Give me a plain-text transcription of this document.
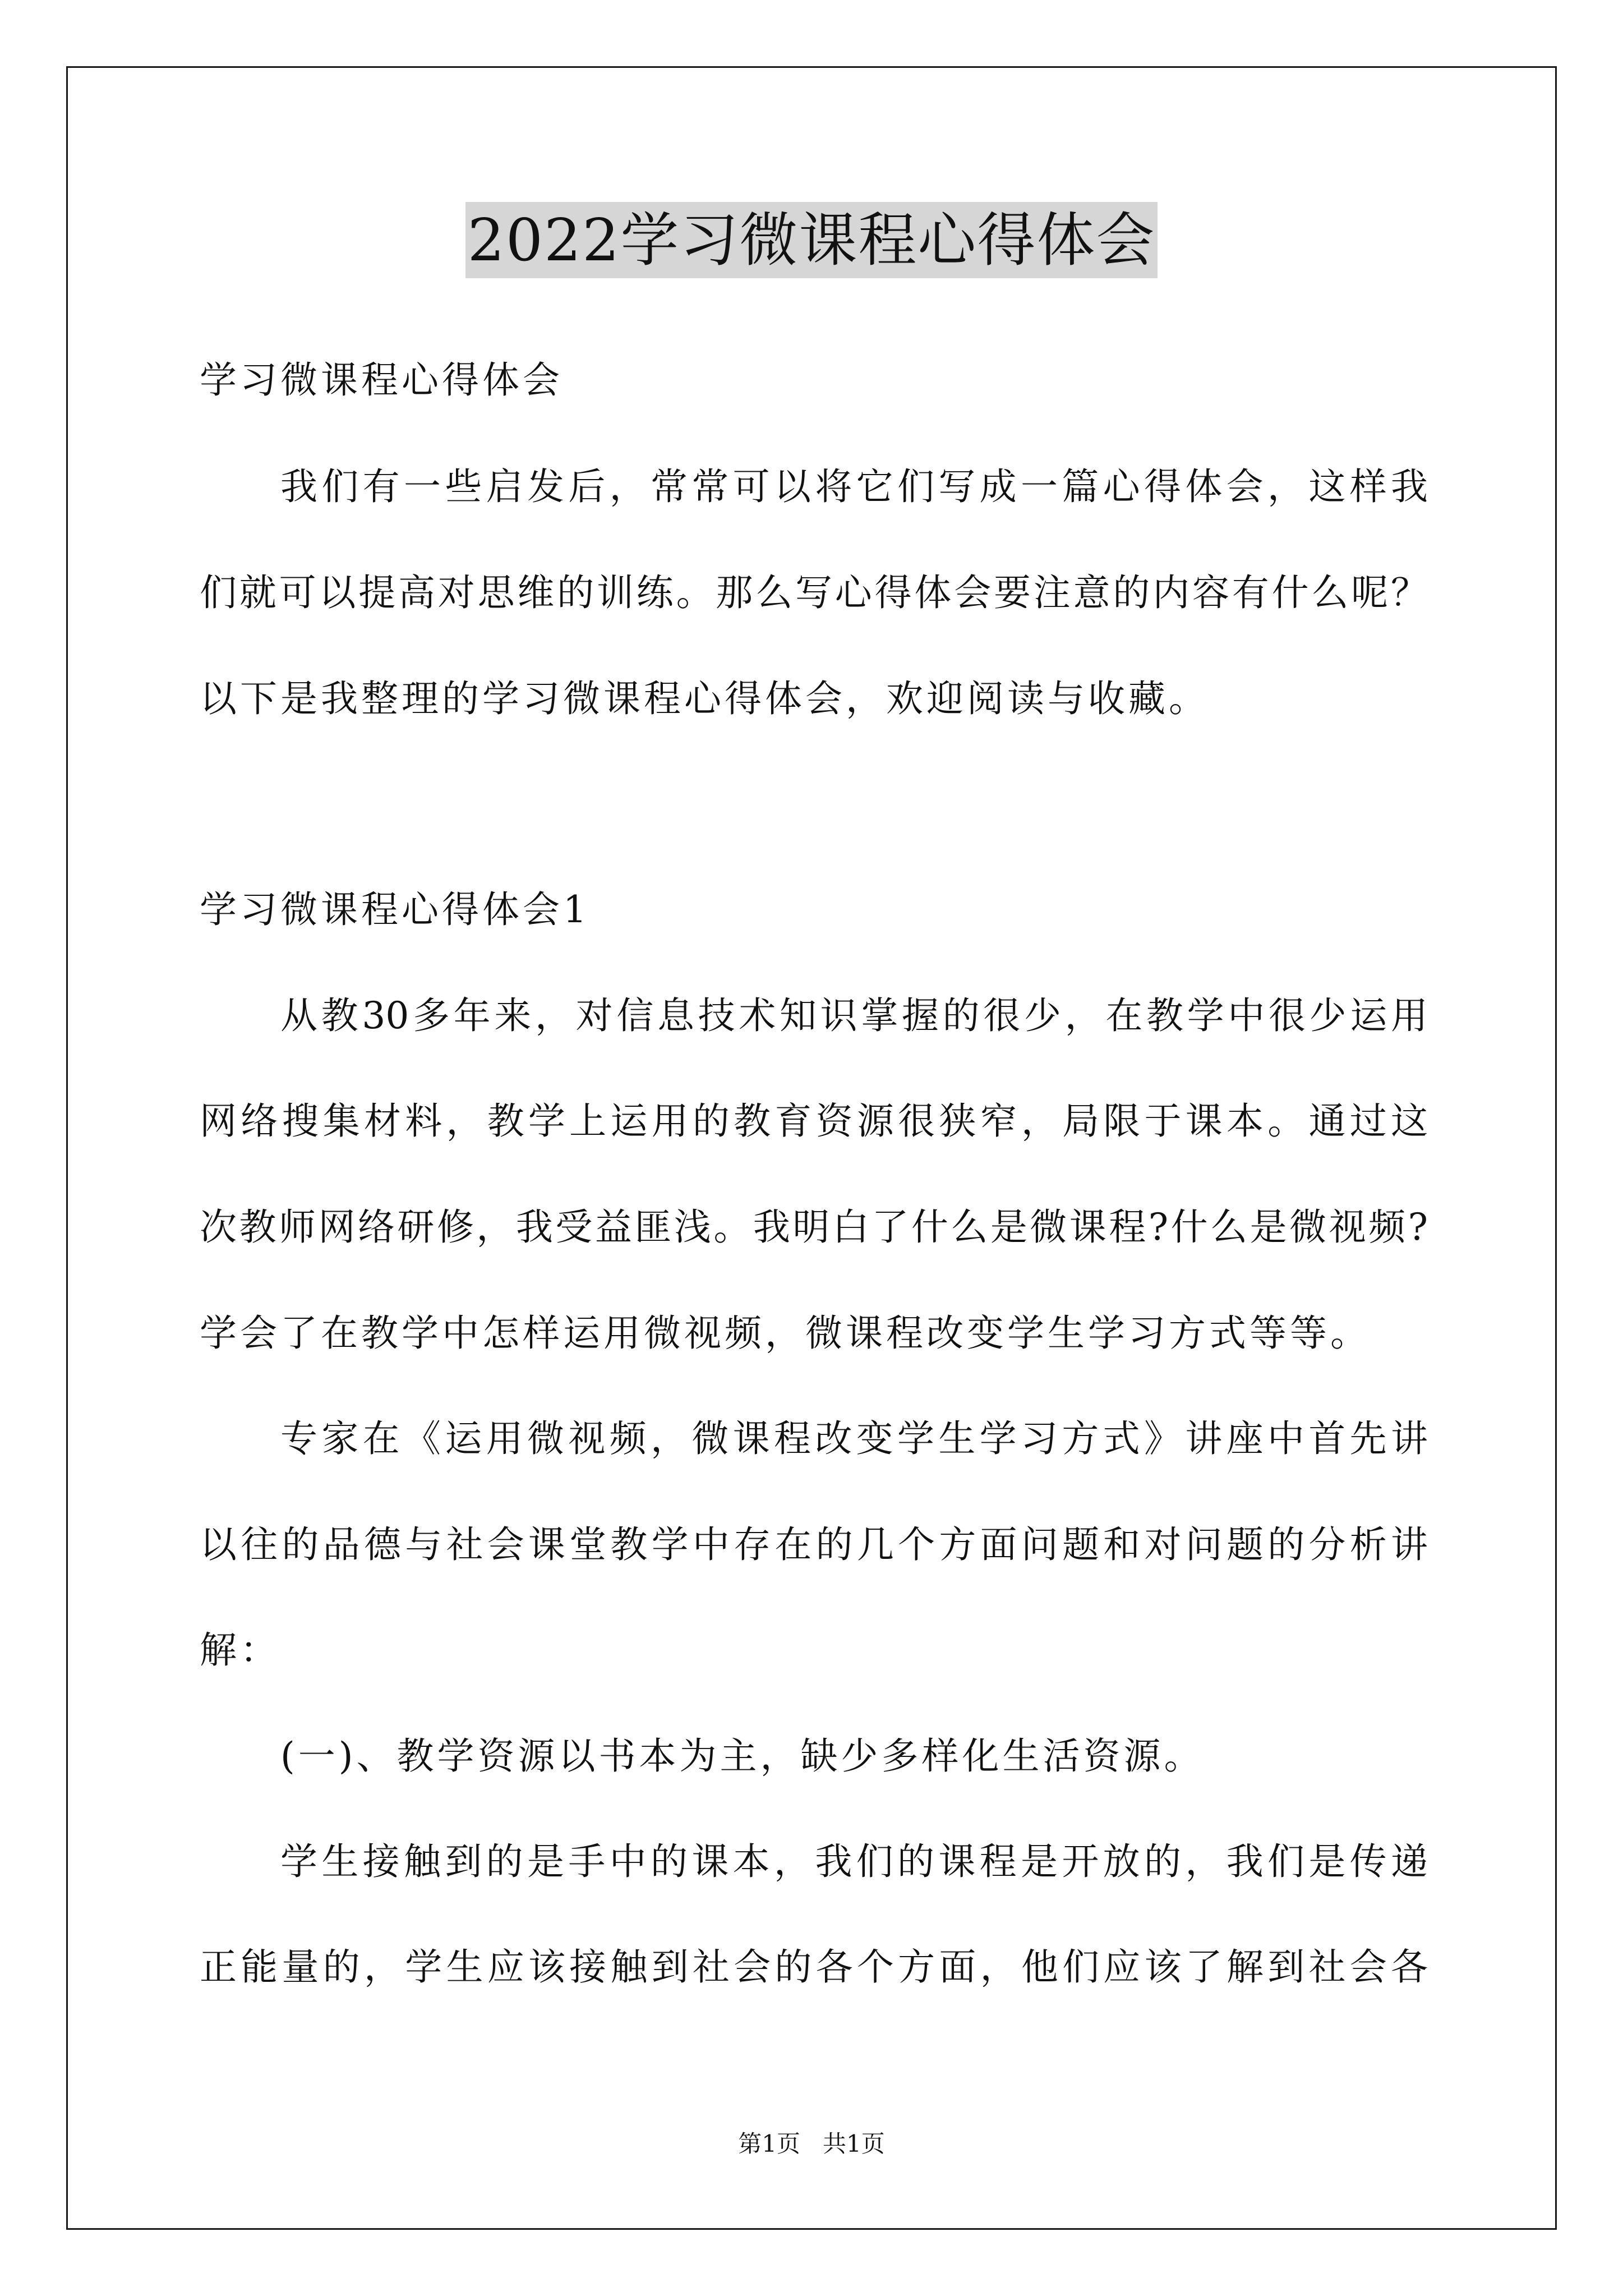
2022学习微课程心得体会
学习微课程心得体会
我们有一些启发后，常常可以将它们写成一篇心得体会，这样我
们就可以提高对思维的训练。那么写心得体会要注意的内容有什么呢？
以下是我整理的学习微课程心得体会，欢迎阅读与收藏。
学习微课程心得体会1
从教30多年来，对信息技术知识掌握的很少，在教学中很少运用
网络搜集材料，教学上运用的教育资源很狭窄，局限于课本。通过这
次教师网络研修，我受益匪浅。我明白了什么是微课程?什么是微视频?
学会了在教学中怎样运用微视频，微课程改变学生学习方式等等。
专家在《运用微视频，微课程改变学生学习方式》讲座中首先讲
以往的品德与社会课堂教学中存在的几个方面问题和对问题的分析讲
解：
(一)、教学资源以书本为主，缺少多样化生活资源。
学生接触到的是手中的课本，我们的课程是开放的，我们是传递
正能量的，学生应该接触到社会的各个方面，他们应该了解到社会各
第1页   共1页
